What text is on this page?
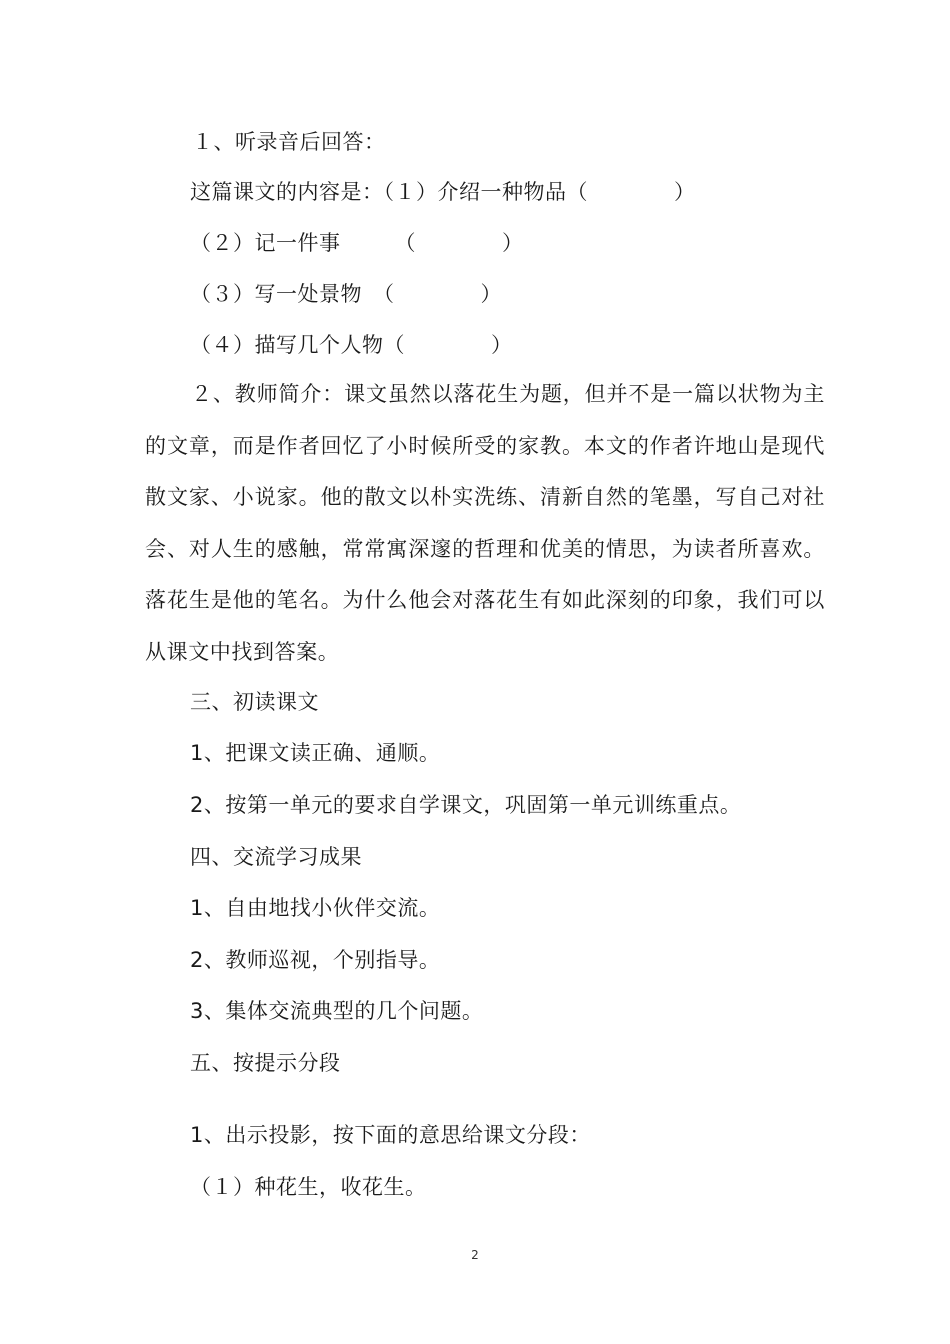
１、听录音后回答：
这篇课文的内容是：（１）介绍一种物品（　　　　）
（２）记一件事　　　（　　　　）
（３）写一处景物　（　　　　）
（４）描写几个人物（　　　　）
２、教师简介：课文虽然以落花生为题，但并不是一篇以状物为主的文章，而是作者回忆了小时候所受的家教。本文的作者许地山是现代散文家、小说家。他的散文以朴实洗练、清新自然的笔墨，写自己对社会、对人生的感触，常常寓深邃的哲理和优美的情思，为读者所喜欢。落花生是他的笔名。为什么他会对落花生有如此深刻的印象，我们可以从课文中找到答案。
三、初读课文
1、把课文读正确、通顺。
2、按第一单元的要求自学课文，巩固第一单元训练重点。
四、交流学习成果
1、自由地找小伙伴交流。
2、教师巡视，个别指导。
3、集体交流典型的几个问题。
五、按提示分段
1、出示投影，按下面的意思给课文分段：
（１）种花生，收花生。
2
